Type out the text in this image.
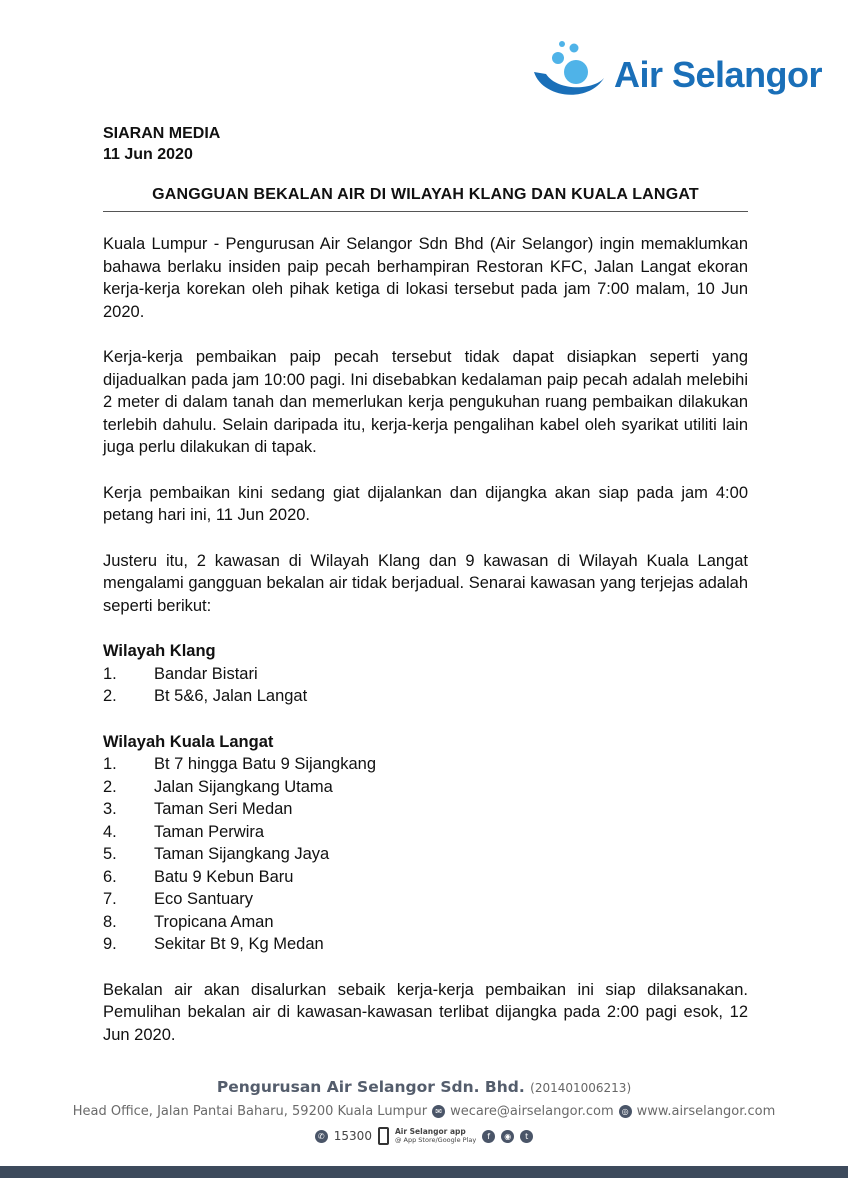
Air Selangor
SIARAN MEDIA
11 Jun 2020
GANGGUAN BEKALAN AIR DI WILAYAH KLANG DAN KUALA LANGAT

Kuala Lumpur - Pengurusan Air Selangor Sdn Bhd (Air Selangor) ingin memaklumkan bahawa berlaku insiden paip pecah berhampiran Restoran KFC, Jalan Langat ekoran kerja-kerja korekan oleh pihak ketiga di lokasi tersebut pada jam 7:00 malam, 10 Jun 2020.

Kerja-kerja pembaikan paip pecah tersebut tidak dapat disiapkan seperti yang dijadualkan pada jam 10:00 pagi. Ini disebabkan kedalaman paip pecah adalah melebihi 2 meter di dalam tanah dan memerlukan kerja pengukuhan ruang pembaikan dilakukan terlebih dahulu. Selain daripada itu, kerja-kerja pengalihan kabel oleh syarikat utiliti lain juga perlu dilakukan di tapak.

Kerja pembaikan kini sedang giat dijalankan dan dijangka akan siap pada jam 4:00 petang hari ini, 11 Jun 2020.

Justeru itu, 2 kawasan di Wilayah Klang dan 9 kawasan di Wilayah Kuala Langat mengalami gangguan bekalan air tidak berjadual. Senarai kawasan yang terjejas adalah seperti berikut:

Wilayah Klang
1.	Bandar Bistari
2.	Bt 5&6, Jalan Langat
Wilayah Kuala Langat
1.	Bt 7 hingga Batu 9 Sijangkang
2.	Jalan Sijangkang Utama
3.	Taman Seri Medan
4.	Taman Perwira
5.	Taman Sijangkang Jaya
6.	Batu 9 Kebun Baru
7.	Eco Santuary
8.	Tropicana Aman
9.	Sekitar Bt 9, Kg Medan

Bekalan air akan disalurkan sebaik kerja-kerja pembaikan ini siap dilaksanakan. Pemulihan bekalan air di kawasan-kawasan terlibat dijangka pada 2:00 pagi esok, 12 Jun 2020.

Pengurusan Air Selangor Sdn. Bhd. (201401006213)
Head Office, Jalan Pantai Baharu, 59200 Kuala Lumpur	✉ wecare@airselangor.com	◎ www.airselangor.com
✆ 15300	Air Selangor app
@ App Store/Google Play	f	◉	t
